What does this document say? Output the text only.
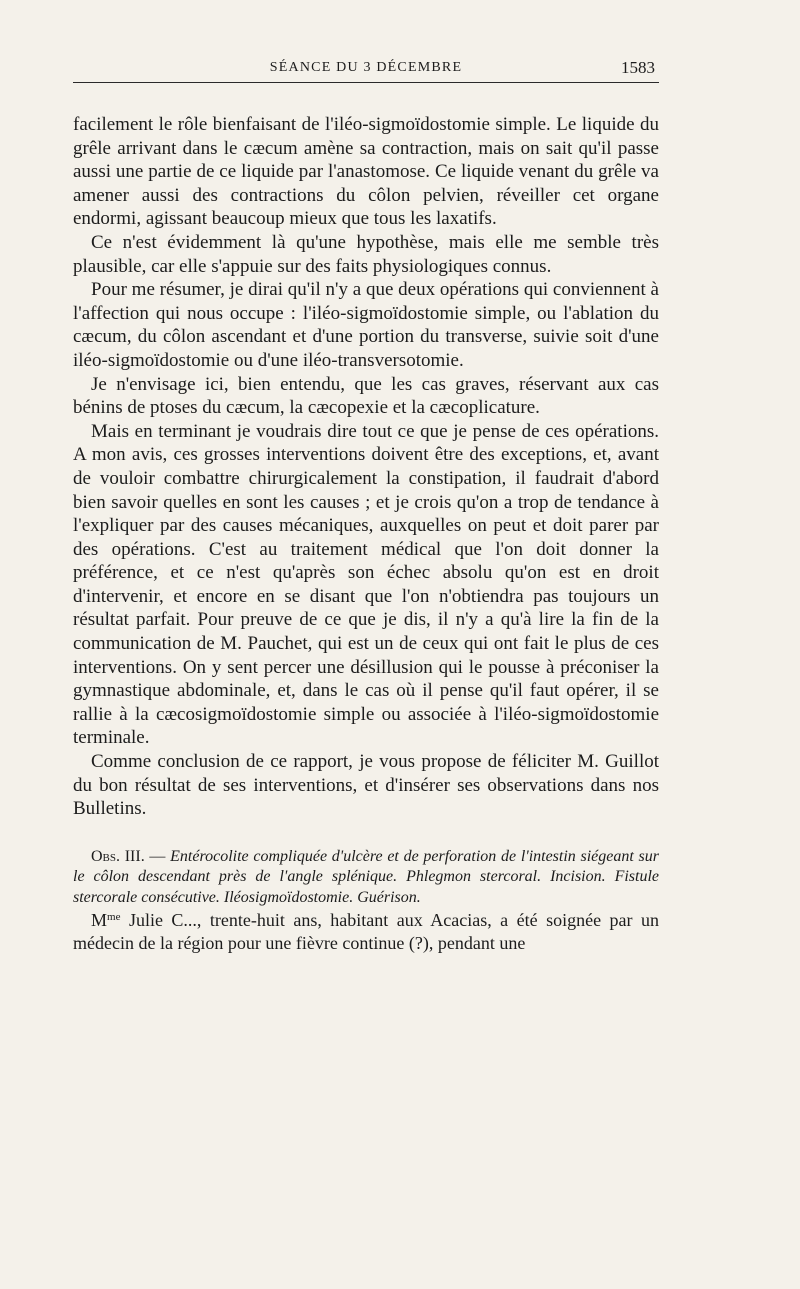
SÉANCE DU 3 DÉCEMBRE	1583

facilement le rôle bienfaisant de l'iléo-sigmoïdostomie simple. Le liquide du grêle arrivant dans le cæcum amène sa contraction, mais on sait qu'il passe aussi une partie de ce liquide par l'anastomose. Ce liquide venant du grêle va amener aussi des contractions du côlon pelvien, réveiller cet organe endormi, agissant beaucoup mieux que tous les laxatifs.

Ce n'est évidemment là qu'une hypothèse, mais elle me semble très plausible, car elle s'appuie sur des faits physiologiques connus.

Pour me résumer, je dirai qu'il n'y a que deux opérations qui conviennent à l'affection qui nous occupe : l'iléo-sigmoïdostomie simple, ou l'ablation du cæcum, du côlon ascendant et d'une portion du transverse, suivie soit d'une iléo-sigmoïdostomie ou d'une iléo-transversotomie.

Je n'envisage ici, bien entendu, que les cas graves, réservant aux cas bénins de ptoses du cæcum, la cæcopexie et la cæcoplicature.

Mais en terminant je voudrais dire tout ce que je pense de ces opérations. A mon avis, ces grosses interventions doivent être des exceptions, et, avant de vouloir combattre chirurgicalement la constipation, il faudrait d'abord bien savoir quelles en sont les causes ; et je crois qu'on a trop de tendance à l'expliquer par des causes mécaniques, auxquelles on peut et doit parer par des opérations. C'est au traitement médical que l'on doit donner la préférence, et ce n'est qu'après son échec absolu qu'on est en droit d'intervenir, et encore en se disant que l'on n'obtiendra pas toujours un résultat parfait. Pour preuve de ce que je dis, il n'y a qu'à lire la fin de la communication de M. Pauchet, qui est un de ceux qui ont fait le plus de ces interventions. On y sent percer une désillusion qui le pousse à préconiser la gymnastique abdominale, et, dans le cas où il pense qu'il faut opérer, il se rallie à la cæcosigmoïdostomie simple ou associée à l'iléo-sigmoïdostomie terminale.

Comme conclusion de ce rapport, je vous propose de féliciter M. Guillot du bon résultat de ses interventions, et d'insérer ses observations dans nos Bulletins.

Obs. III. — Entérocolite compliquée d'ulcère et de perforation de l'intestin siégeant sur le côlon descendant près de l'angle splénique. Phlegmon stercoral. Incision. Fistule stercorale consécutive. Iléosigmoïdostomie. Guérison.

$M^{me}$ Julie C..., trente-huit ans, habitant aux Acacias, a été soignée par un médecin de la région pour une fièvre continue (?), pendant une
